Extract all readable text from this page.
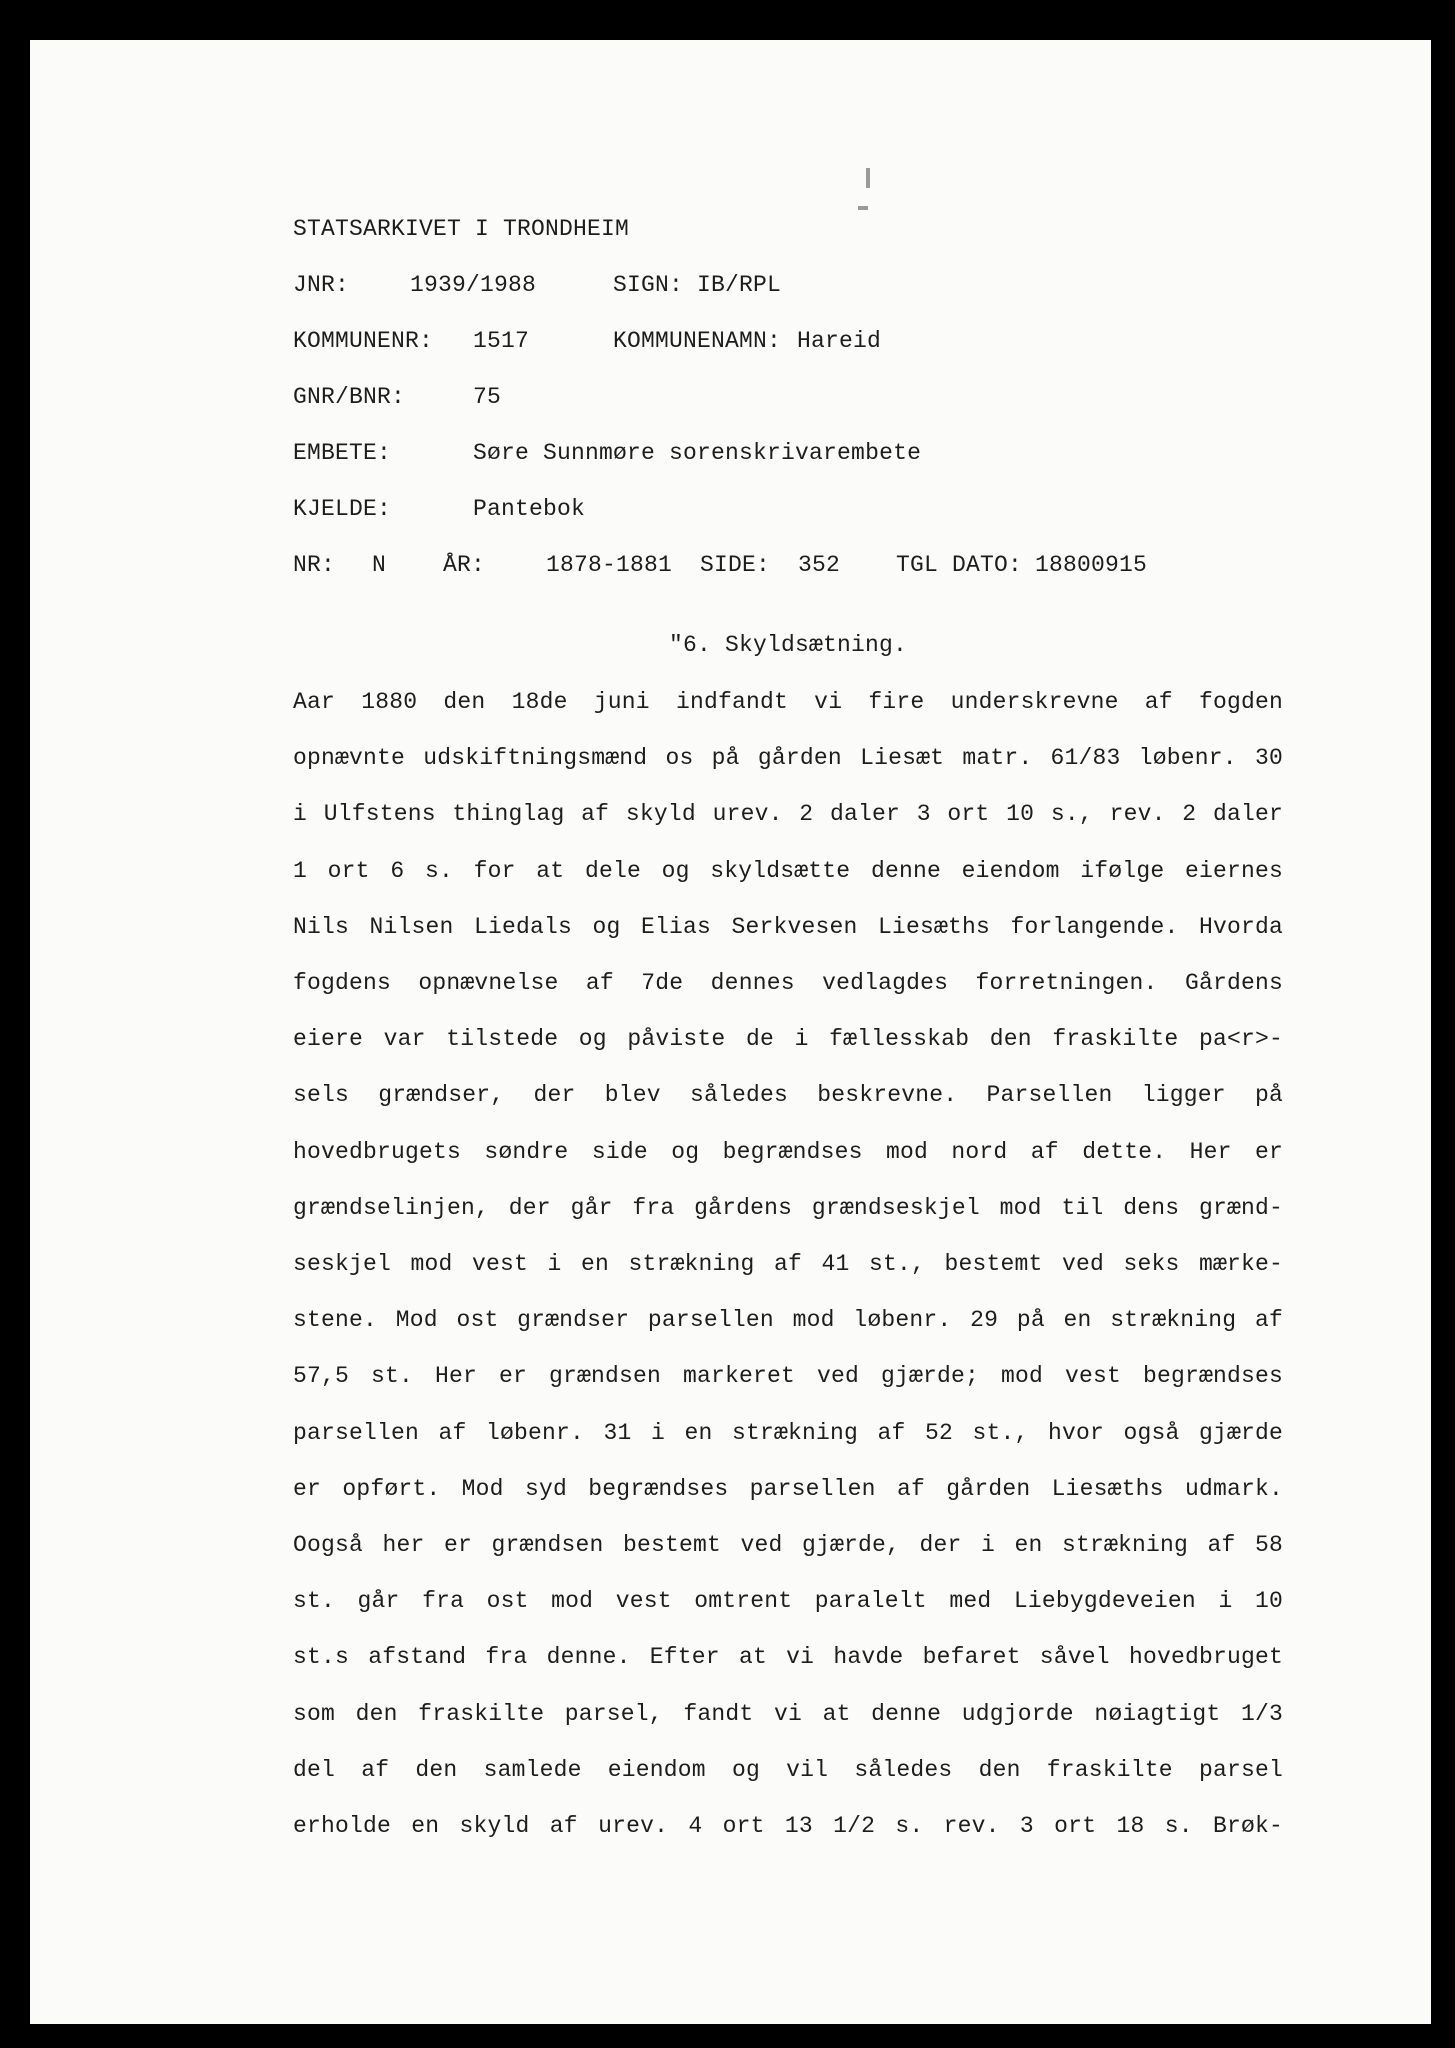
STATSARKIVET I TRONDHEIM
JNR:	1939/1988	SIGN: IB/RPL
KOMMUNENR: 1517	KOMMUNENAMN: Hareid
GNR/BNR:	75
EMBETE:	Søre Sunnmøre sorenskrivarembete
KJELDE:	Pantebok
NR: N ÅR:	1878-1881 SIDE: 352 TGL DATO: 18800915
"6. Skyldsætning.
Aar 1880 den 18de juni indfandt vi fire underskrevne af fogden
opnævnte udskiftningsmænd os på gården Liesæt matr. 61/83 løbenr. 30
i Ulfstens thinglag af skyld urev. 2 daler 3 ort 10 s., rev. 2 daler
1 ort 6 s. for at dele og skyldsætte denne eiendom ifølge eiernes
Nils Nilsen Liedals og Elias Serkvesen Liesæths forlangende. Hvorda
fogdens opnævnelse af 7de dennes vedlagdes forretningen. Gårdens
eiere var tilstede og påviste de i fællesskab den fraskilte pa<r>-
sels grændser, der blev således beskrevne. Parsellen ligger på
hovedbrugets søndre side og begrændses mod nord af dette. Her er
grændselinjen, der går fra gårdens grændseskjel mod til dens grænd-
seskjel mod vest i en strækning af 41 st., bestemt ved seks mærke-
stene. Mod ost grændser parsellen mod løbenr. 29 på en strækning af
57,5 st. Her er grændsen markeret ved gjærde; mod vest begrændses
parsellen af løbenr. 31 i en strækning af 52 st., hvor også gjærde
er opført. Mod syd begrændses parsellen af gården Liesæths udmark.
Oogså her er grændsen bestemt ved gjærde, der i en strækning af 58
st. går fra ost mod vest omtrent paralelt med Liebygdeveien i 10
st.s afstand fra denne. Efter at vi havde befaret såvel hovedbruget
som den fraskilte parsel, fandt vi at denne udgjorde nøiagtigt 1/3
del af den samlede eiendom og vil således den fraskilte parsel
erholde en skyld af urev. 4 ort 13 1/2 s. rev. 3 ort 18 s. Brøk-
